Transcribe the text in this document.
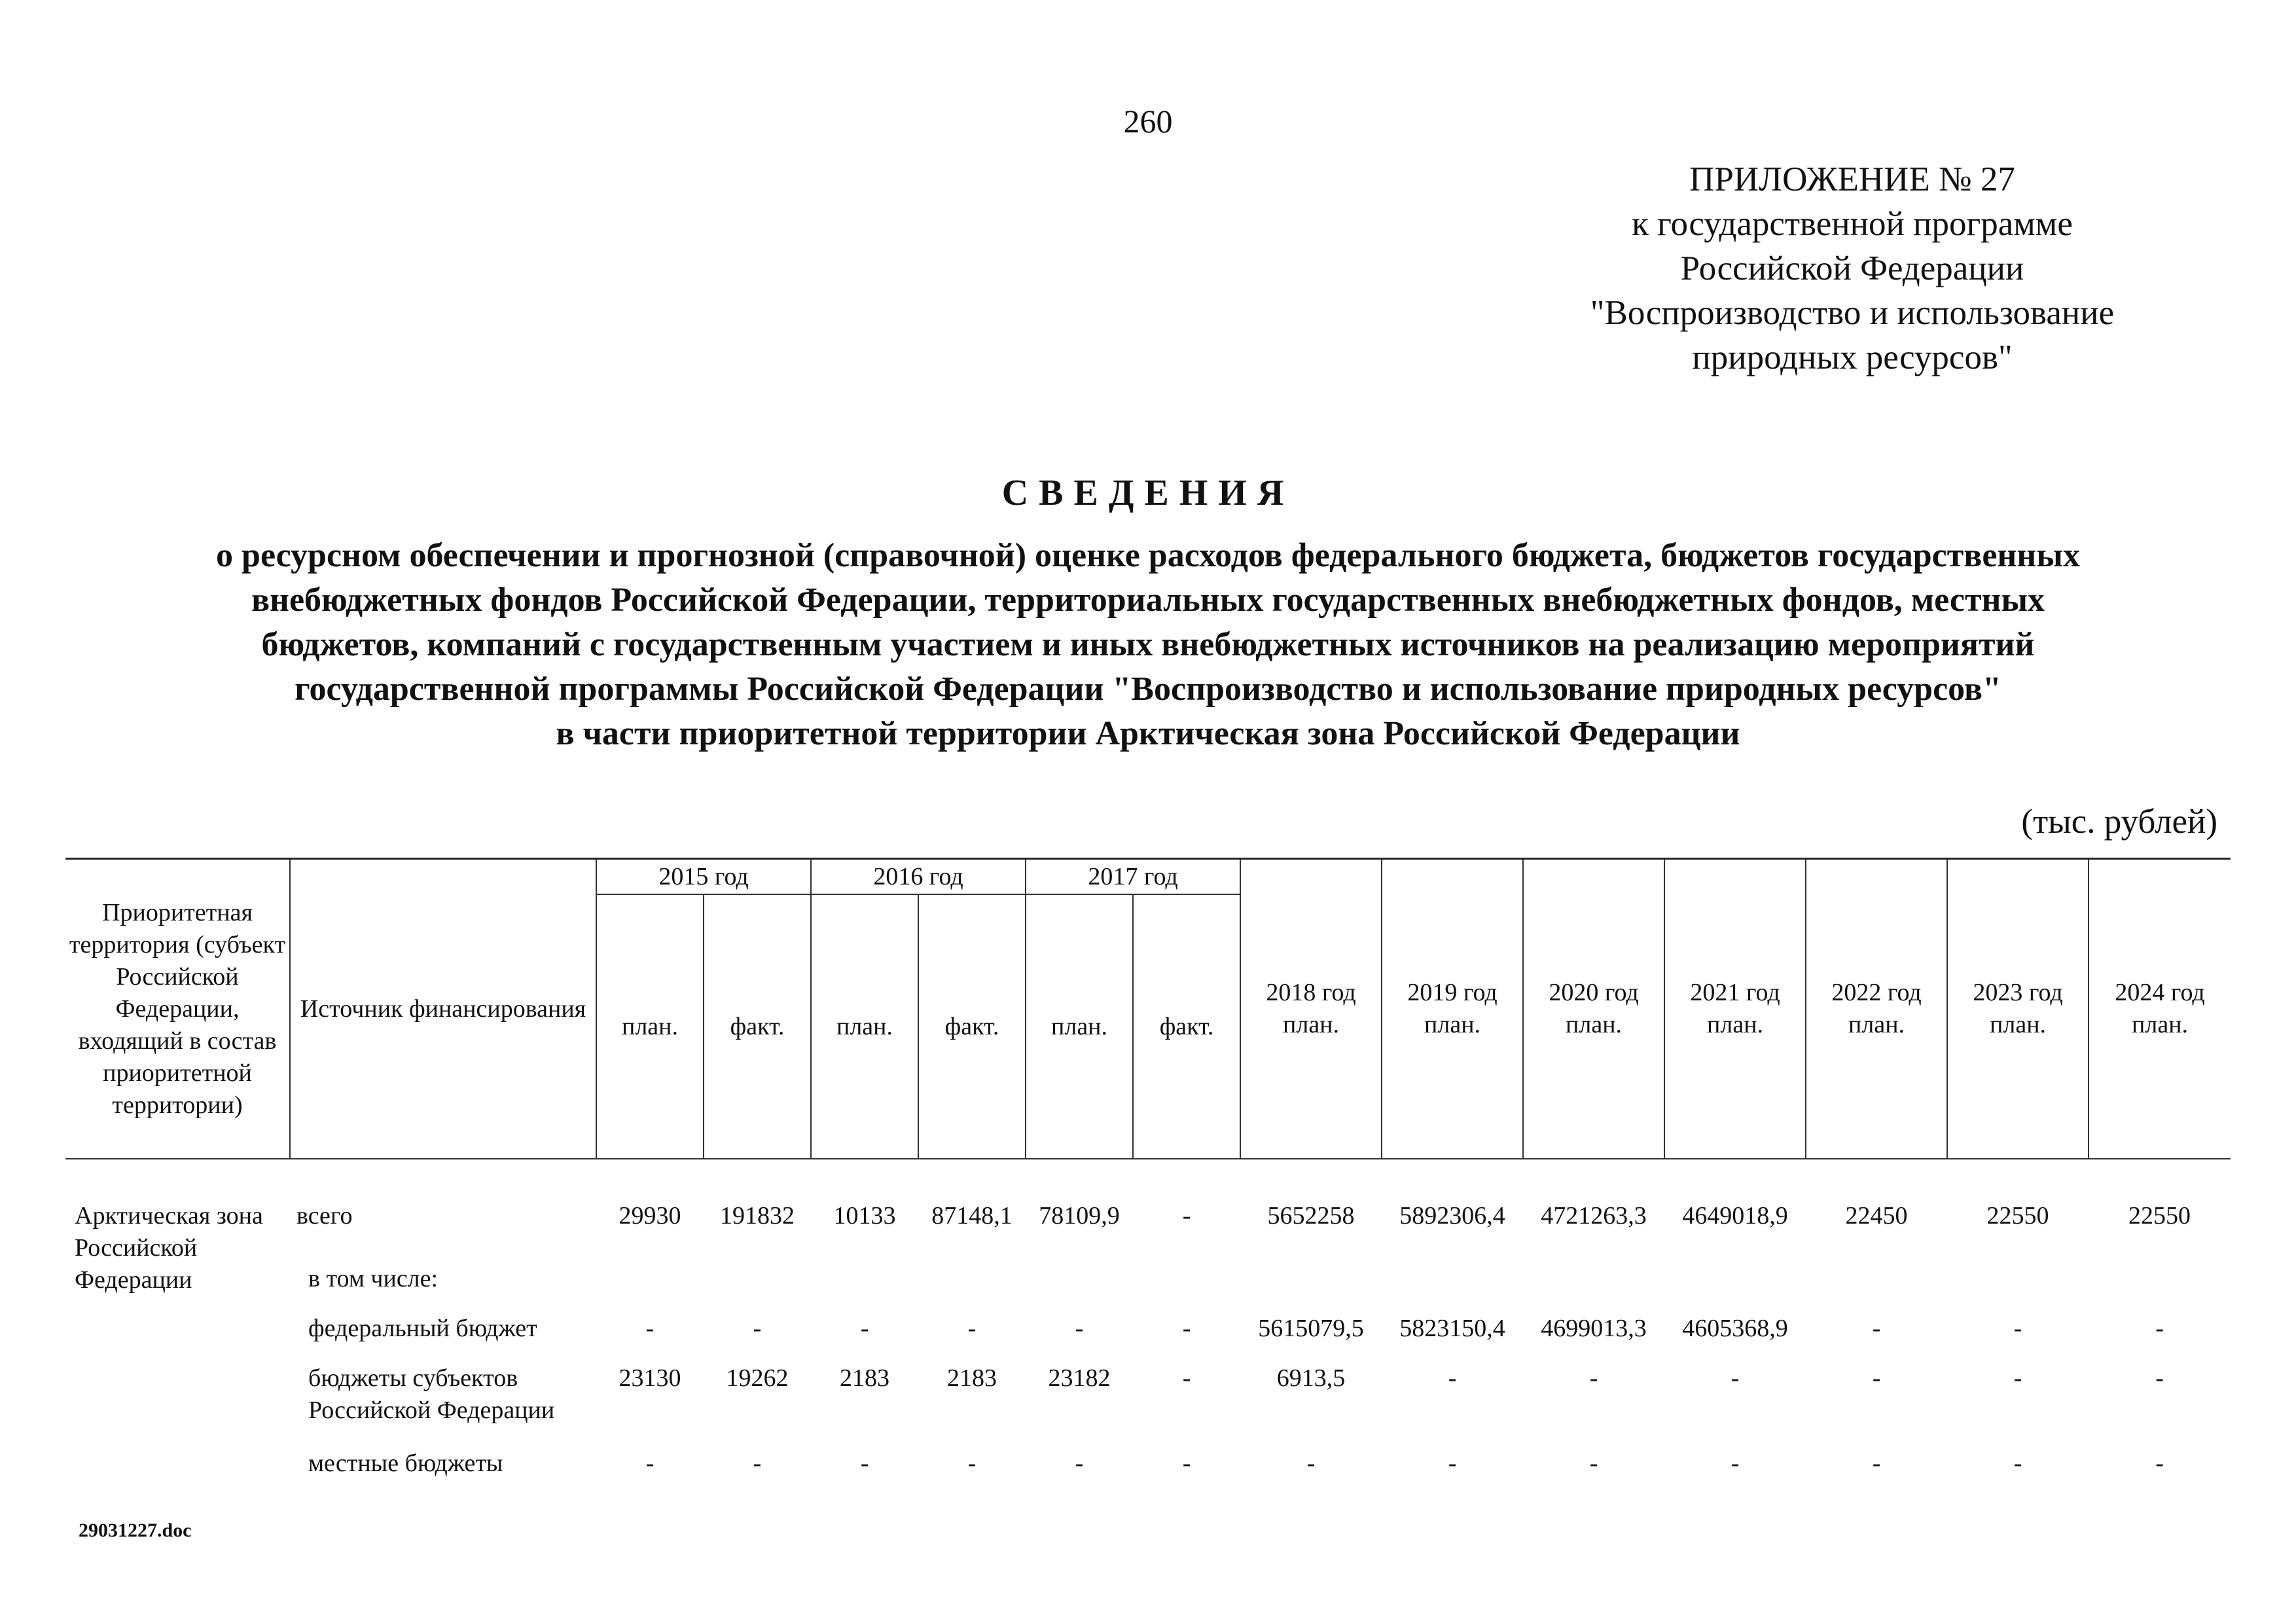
260
ПРИЛОЖЕНИЕ № 27
к государственной программе
Российской Федерации
"Воспроизводство и использование
природных ресурсов"
СВЕДЕНИЯ
о ресурсном обеспечении и прогнозной (справочной) оценке расходов федерального бюджета, бюджетов государственных
внебюджетных фондов Российской Федерации, территориальных государственных внебюджетных фондов, местных
бюджетов, компаний с государственным участием и иных внебюджетных источников на реализацию мероприятий
государственной программы Российской Федерации "Воспроизводство и использование природных ресурсов"
в части приоритетной территории Арктическая зона Российской Федерации
(тыс. рублей)
Приоритетная территория (субъект Российской Федерации, входящий в состав приоритетной территории)	Источник финансирования	2015 год		2016 год		2017 год		2018 год план.	2019 год план.	2020 год план.	2021 год план.	2022 год план.	2023 год план.	2024 год план.
		план.	факт.	план.	факт.	план.	факт.							

Арктическая зона Российской Федерации	всего	29930	191832	10133	87148,1	78109,9	-	5652258	5892306,4	4721263,3	4649018,9	22450	22550	22550
	в том числе:													
	федеральный бюджет	-	-	-	-	-	-	5615079,5	5823150,4	4699013,3	4605368,9	-	-	-
	бюджеты субъектов Российской Федерации	23130	19262	2183	2183	23182	-	6913,5	-	-	-	-	-	-
	местные бюджеты	-	-	-	-	-	-	-	-	-	-	-	-	-
29031227.doc
